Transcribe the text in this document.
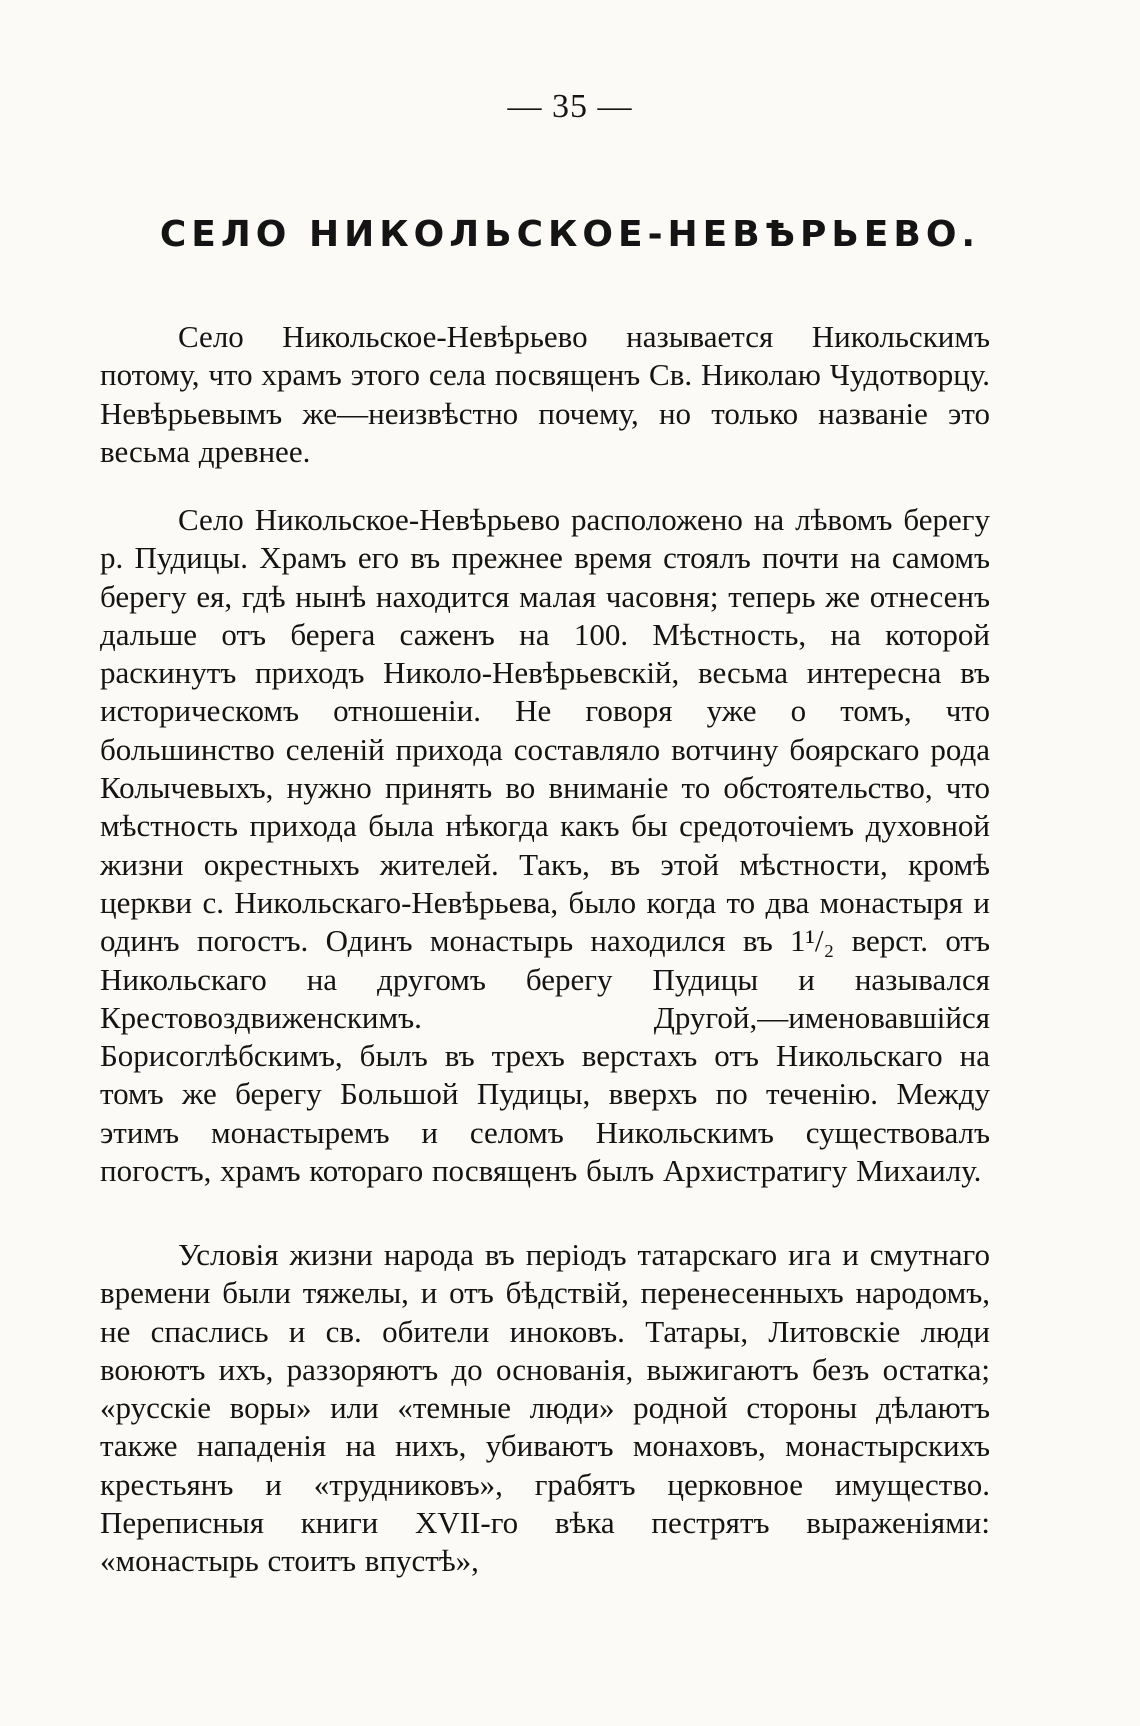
— 35 —
СЕЛО НИКОЛЬСКОЕ-НЕВѢРЬЕВО.

Село Никольское-Невѣрьево называется Никольскимъ потому, что храмъ этого села посвященъ Св. Николаю Чудотворцу. Невѣрьевымъ же—неизвѣстно почему, но только названіе это весьма древнее.

Село Никольское-Невѣрьево расположено на лѣвомъ берегу р. Пудицы. Храмъ его въ прежнее время стоялъ почти на самомъ берегу ея, гдѣ нынѣ находится малая часовня; теперь же отнесенъ дальше отъ берега саженъ на 100. Мѣстность, на которой раскинутъ приходъ Николо-Невѣрьевскій, весьма интересна въ историческомъ отношеніи. Не говоря уже о томъ, что большинство селеній прихода составляло вотчину боярскаго рода Колычевыхъ, нужно принять во вниманіе то обстоятельство, что мѣстность прихода была нѣкогда какъ бы средоточіемъ духовной жизни окрестныхъ жителей. Такъ, въ этой мѣстности, кромѣ церкви с. Никольскаго-Невѣрьева, было когда то два монастыря и одинъ погостъ. Одинъ монастырь находился въ 1¹/₂ верст. отъ Никольскаго на другомъ берегу Пудицы и назывался Крестовоздвиженскимъ. Другой,—именовавшійся Борисоглѣбскимъ, былъ въ трехъ верстахъ отъ Никольскаго на томъ же берегу Большой Пудицы, вверхъ по теченію. Между этимъ монастыремъ и селомъ Никольскимъ существовалъ погостъ, храмъ котораго посвященъ былъ Архистратигу Михаилу.

Условія жизни народа въ періодъ татарскаго ига и смутнаго времени были тяжелы, и отъ бѣдствій, перенесенныхъ народомъ, не спаслись и св. обители иноковъ. Татары, Литовскіе люди воюютъ ихъ, раззоряютъ до основанія, выжигаютъ безъ остатка; «русскіе воры» или «темные люди» родной стороны дѣлаютъ также нападенія на нихъ, убиваютъ монаховъ, монастырскихъ крестьянъ и «трудниковъ», грабятъ церковное имущество. Переписныя книги XVII-го вѣка пестрятъ выраженіями: «монастырь стоитъ впустѣ»,
